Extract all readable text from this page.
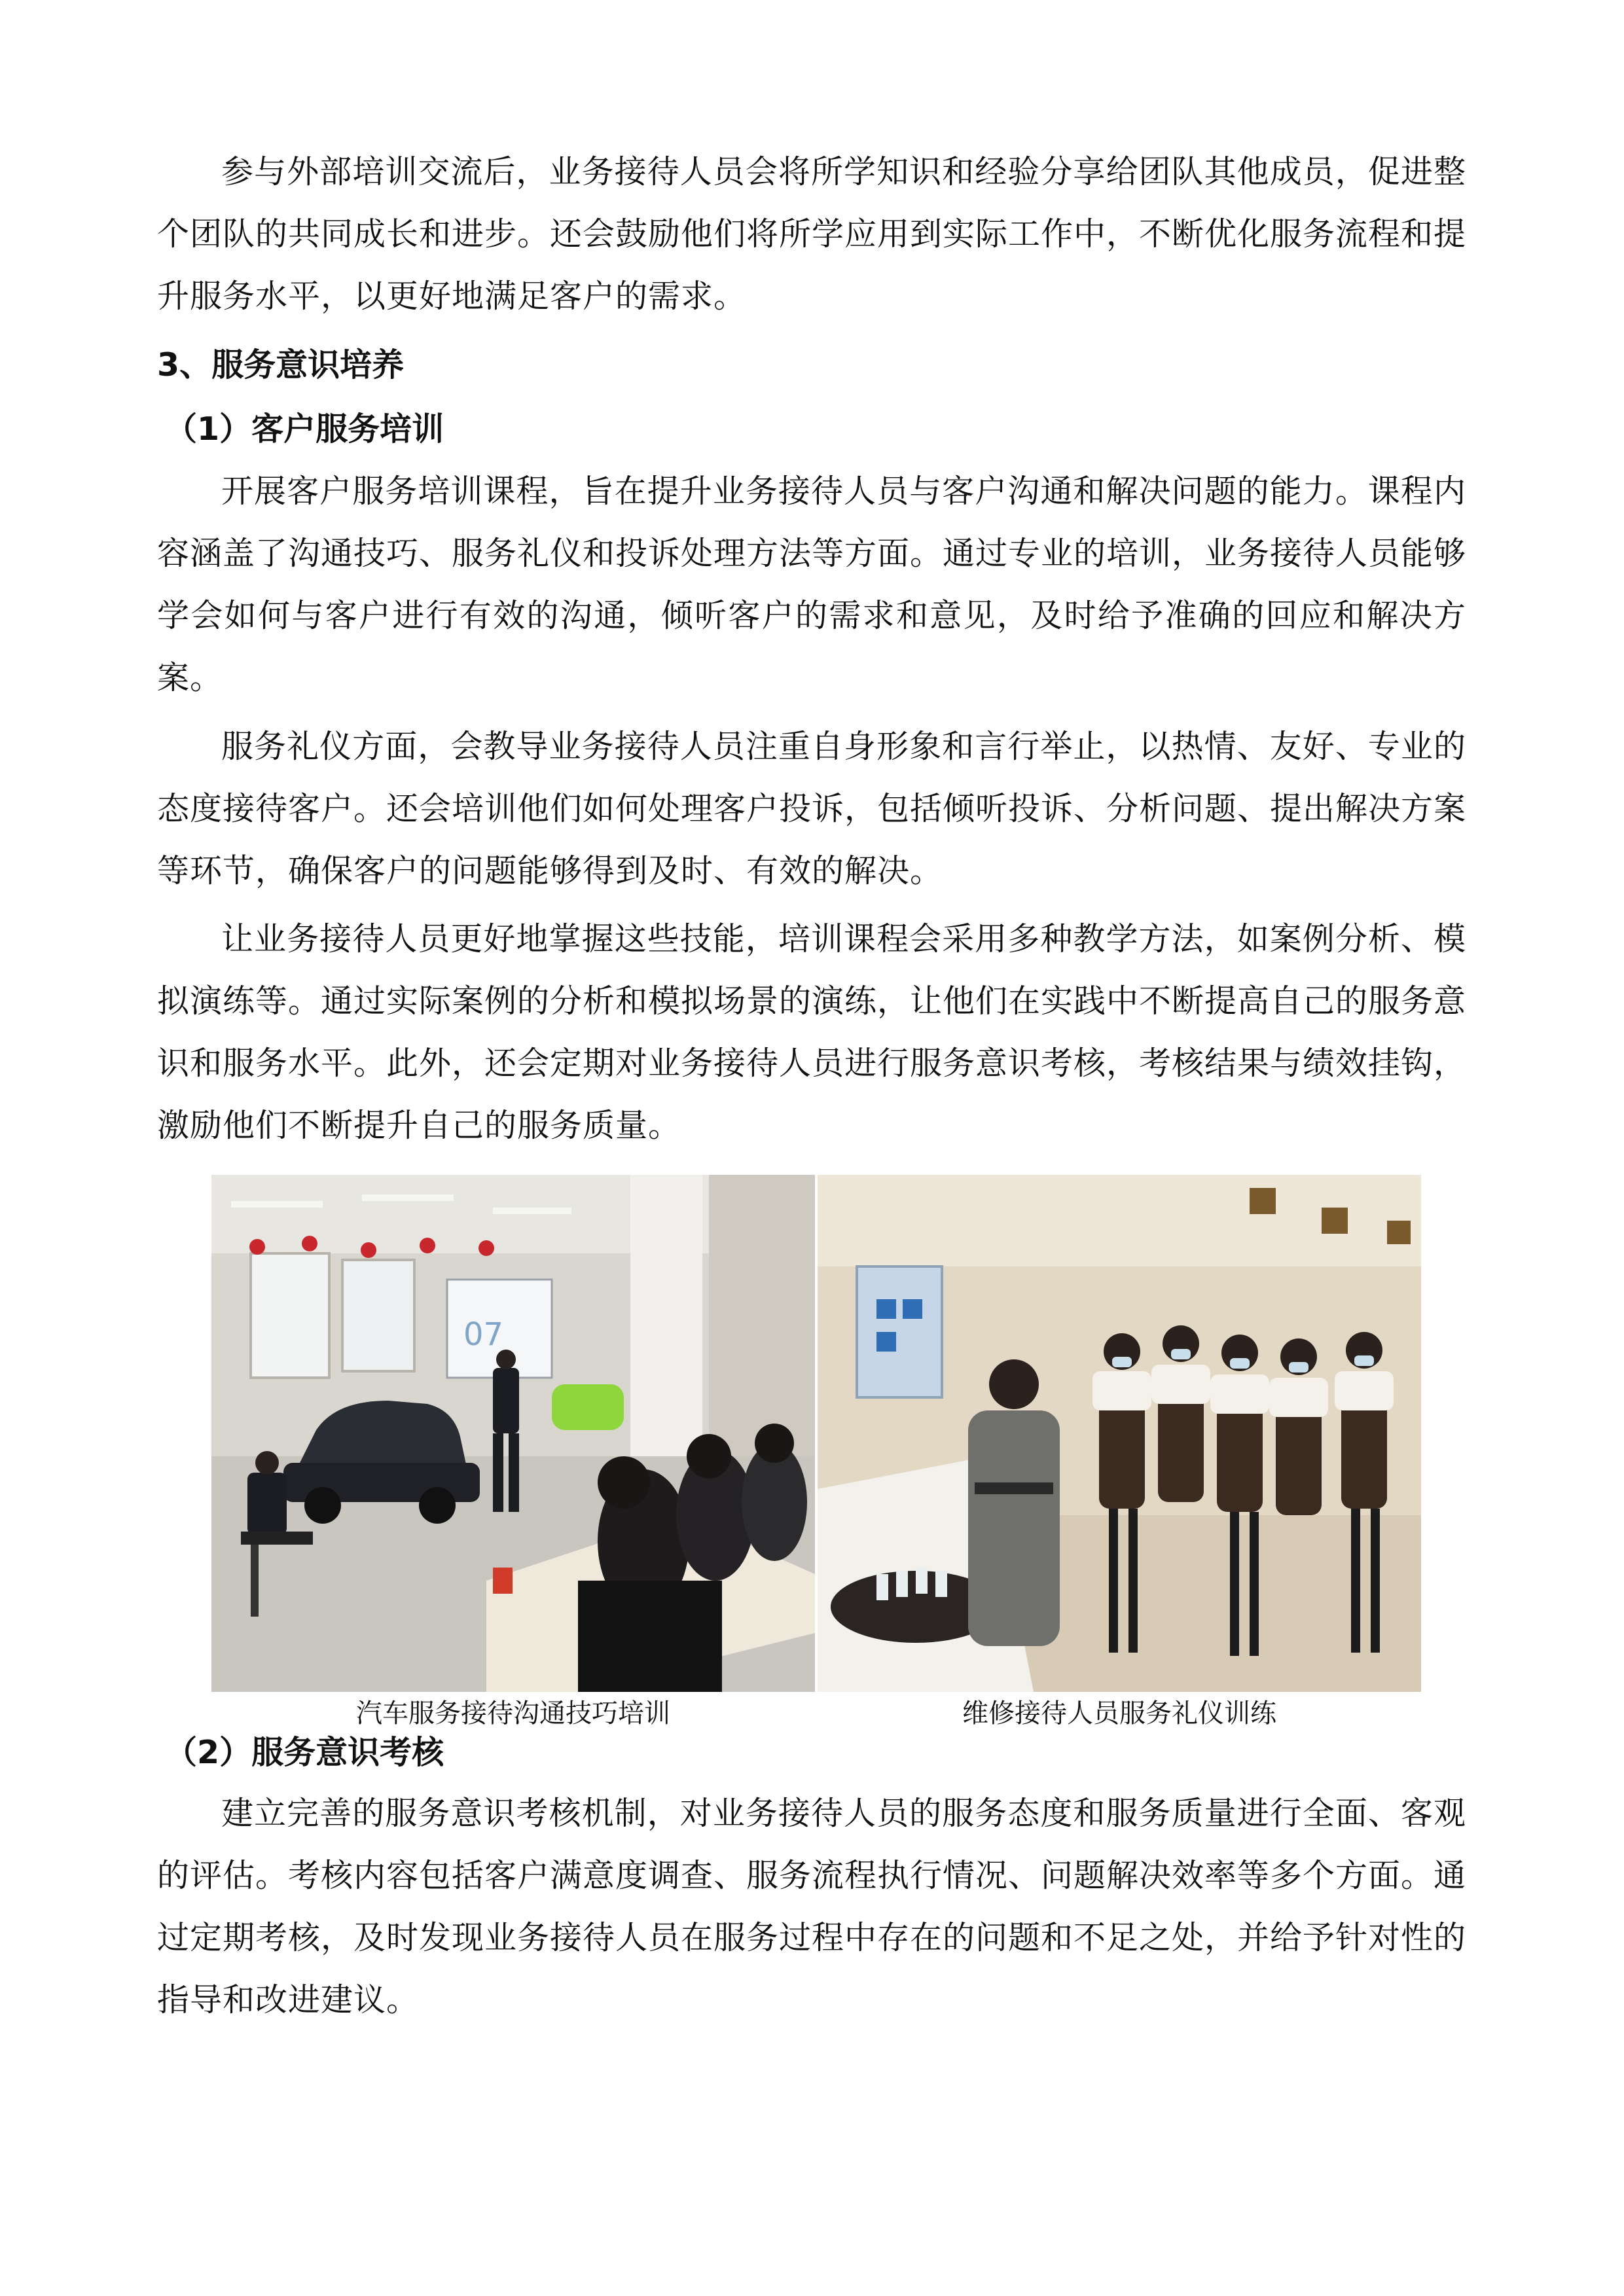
参与外部培训交流后，业务接待人员会将所学知识和经验分享给团队其他成员，促进整个团队的共同成长和进步。还会鼓励他们将所学应用到实际工作中，不断优化服务流程和提升服务水平，以更好地满足客户的需求。

3、服务意识培养
（1）客户服务培训

开展客户服务培训课程，旨在提升业务接待人员与客户沟通和解决问题的能力。课程内容涵盖了沟通技巧、服务礼仪和投诉处理方法等方面。通过专业的培训，业务接待人员能够学会如何与客户进行有效的沟通，倾听客户的需求和意见，及时给予准确的回应和解决方案。

服务礼仪方面，会教导业务接待人员注重自身形象和言行举止，以热情、友好、专业的态度接待客户。还会培训他们如何处理客户投诉，包括倾听投诉、分析问题、提出解决方案等环节，确保客户的问题能够得到及时、有效的解决。

让业务接待人员更好地掌握这些技能，培训课程会采用多种教学方法，如案例分析、模拟演练等。通过实际案例的分析和模拟场景的演练，让他们在实践中不断提高自己的服务意识和服务水平。此外，还会定期对业务接待人员进行服务意识考核，考核结果与绩效挂钩，激励他们不断提升自己的服务质量。

07

汽车服务接待沟通技巧培训	维修接待人员服务礼仪训练

（2）服务意识考核

建立完善的服务意识考核机制，对业务接待人员的服务态度和服务质量进行全面、客观的评估。考核内容包括客户满意度调查、服务流程执行情况、问题解决效率等多个方面。通过定期考核，及时发现业务接待人员在服务过程中存在的问题和不足之处，并给予针对性的指导和改进建议。
